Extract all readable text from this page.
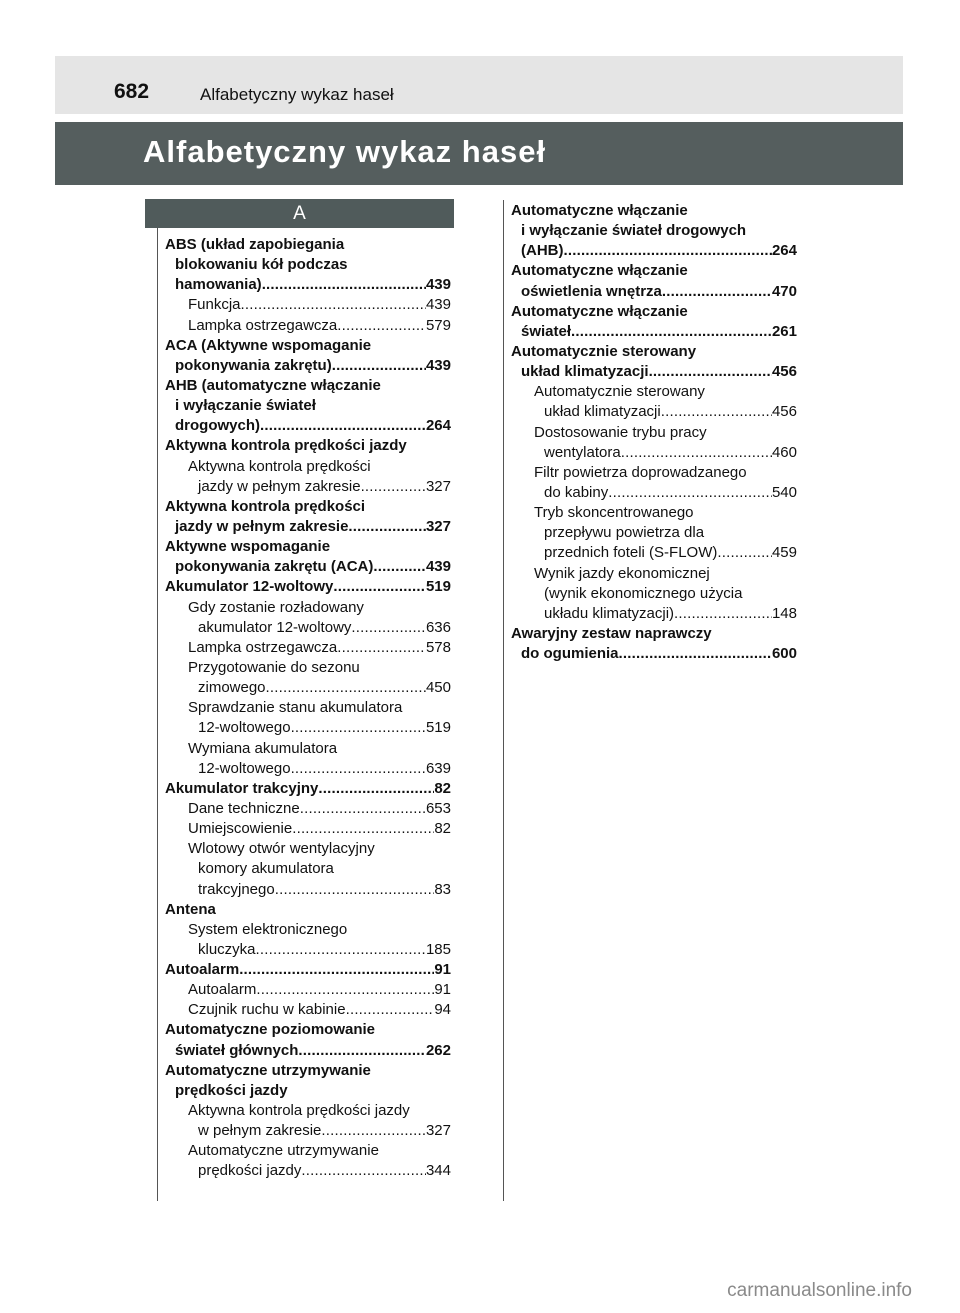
682	Alfabetyczny wykaz haseł
Alfabetyczny wykaz haseł
A
ABS (układ zapobiegania
blokowaniu kół podczas
hamowania) .....	439
Funkcja .....	439
Lampka ostrzegawcza .....	579
ACA (Aktywne wspomaganie
pokonywania zakrętu) .....	439
AHB (automatyczne włączanie
i wyłączanie świateł
drogowych) .....	264
Aktywna kontrola prędkości jazdy
Aktywna kontrola prędkości
jazdy w pełnym zakresie .....	327
Aktywna kontrola prędkości
jazdy w pełnym zakresie .....	327
Aktywne wspomaganie
pokonywania zakrętu (ACA) .....	439
Akumulator 12-woltowy .....	519
Gdy zostanie rozładowany
akumulator 12-woltowy .....	636
Lampka ostrzegawcza .....	578
Przygotowanie do sezonu
zimowego .....	450
Sprawdzanie stanu akumulatora
12-woltowego .....	519
Wymiana akumulatora
12-woltowego .....	639
Akumulator trakcyjny .....	82
Dane techniczne .....	653
Umiejscowienie .....	82
Wlotowy otwór wentylacyjny
komory akumulatora
trakcyjnego .....	83
Antena
System elektronicznego
kluczyka .....	185
Autoalarm .....	91
Autoalarm .....	91
Czujnik ruchu w kabinie .....	94
Automatyczne poziomowanie
świateł głównych .....	262
Automatyczne utrzymywanie
prędkości jazdy
Aktywna kontrola prędkości jazdy
w pełnym zakresie .....	327
Automatyczne utrzymywanie
prędkości jazdy .....	344
Automatyczne włączanie
i wyłączanie świateł drogowych
(AHB) .....	264
Automatyczne włączanie
oświetlenia wnętrza .....	470
Automatyczne włączanie
świateł .....	261
Automatycznie sterowany
układ klimatyzacji .....	456
Automatycznie sterowany
układ klimatyzacji .....	456
Dostosowanie trybu pracy
wentylatora .....	460
Filtr powietrza doprowadzanego
do kabiny .....	540
Tryb skoncentrowanego
przepływu powietrza dla
przednich foteli (S-FLOW) .....	459
Wynik jazdy ekonomicznej
(wynik ekonomicznego użycia
układu klimatyzacji) .....	148
Awaryjny zestaw naprawczy
do ogumienia .....	600
carmanualsonline.info
